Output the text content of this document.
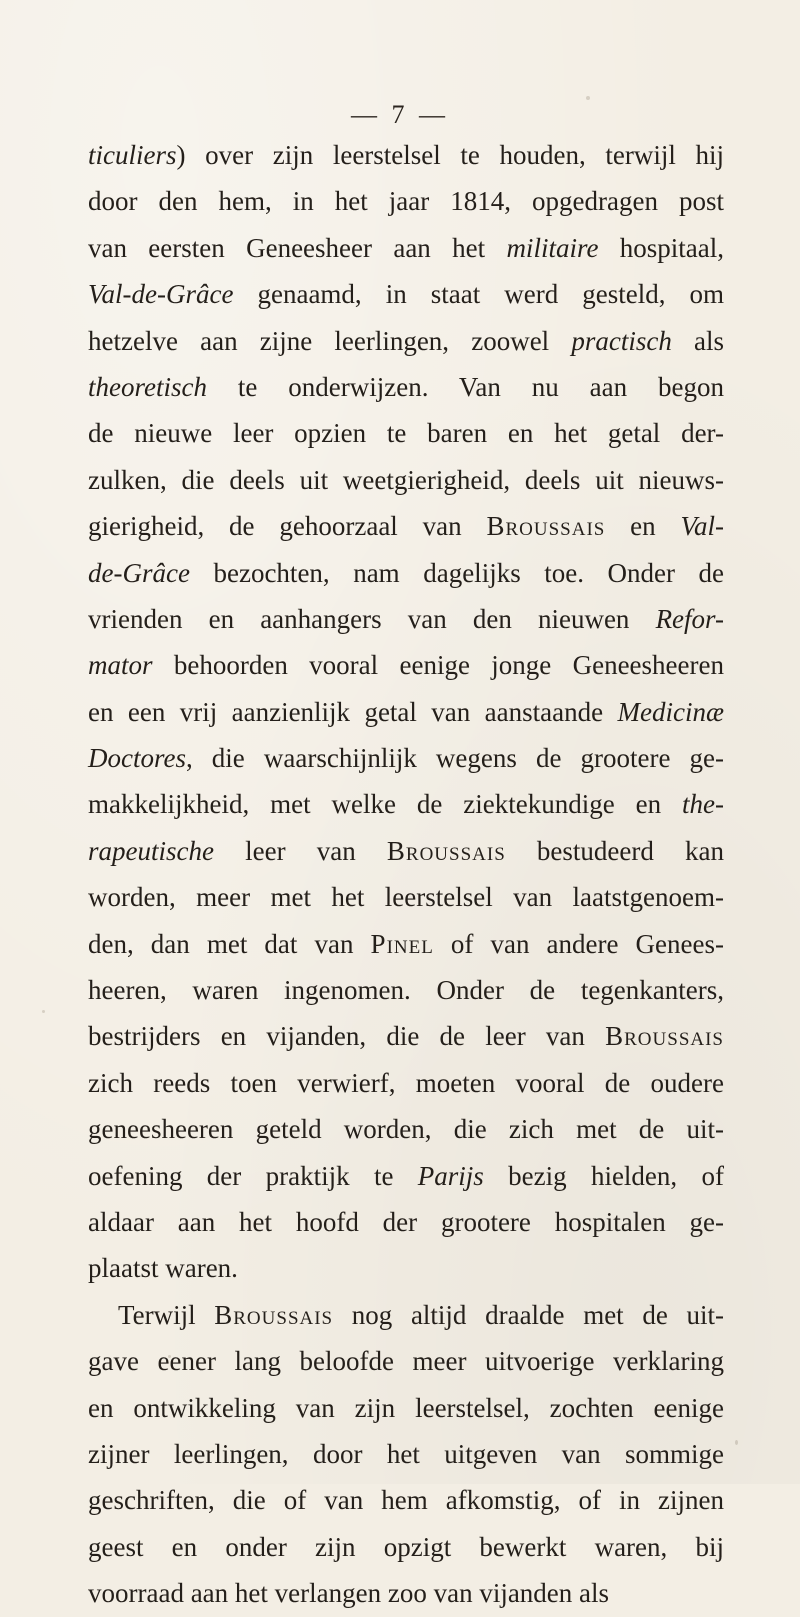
— 7 —
ticuliers) over zijn leerstelsel te houden, terwijl hij
door den hem, in het jaar 1814, opgedragen post
van eersten Geneesheer aan het militaire hospitaal,
Val-de-Grâce genaamd, in staat werd gesteld, om
hetzelve aan zijne leerlingen, zoowel practisch als
theoretisch te onderwijzen. Van nu aan begon
de nieuwe leer opzien te baren en het getal der-
zulken, die deels uit weetgierigheid, deels uit nieuws-
gierigheid, de gehoorzaal van Broussais en Val-
de-Grâce bezochten, nam dagelijks toe. Onder de
vrienden en aanhangers van den nieuwen Refor-
mator behoorden vooral eenige jonge Geneesheeren
en een vrij aanzienlijk getal van aanstaande Medicinæ
Doctores, die waarschijnlijk wegens de grootere ge-
makkelijkheid, met welke de ziektekundige en the-
rapeutische leer van Broussais bestudeerd kan
worden, meer met het leerstelsel van laatstgenoem-
den, dan met dat van Pinel of van andere Genees-
heeren, waren ingenomen. Onder de tegenkanters,
bestrijders en vijanden, die de leer van Broussais
zich reeds toen verwierf, moeten vooral de oudere
geneesheeren geteld worden, die zich met de uit-
oefening der praktijk te Parijs bezig hielden, of
aldaar aan het hoofd der grootere hospitalen ge-
plaatst waren.
Terwijl Broussais nog altijd draalde met de uit-
gave eener lang beloofde meer uitvoerige verklaring
en ontwikkeling van zijn leerstelsel, zochten eenige
zijner leerlingen, door het uitgeven van sommige
geschriften, die of van hem afkomstig, of in zijnen
geest en onder zijn opzigt bewerkt waren, bij
voorraad aan het verlangen zoo van vijanden als
